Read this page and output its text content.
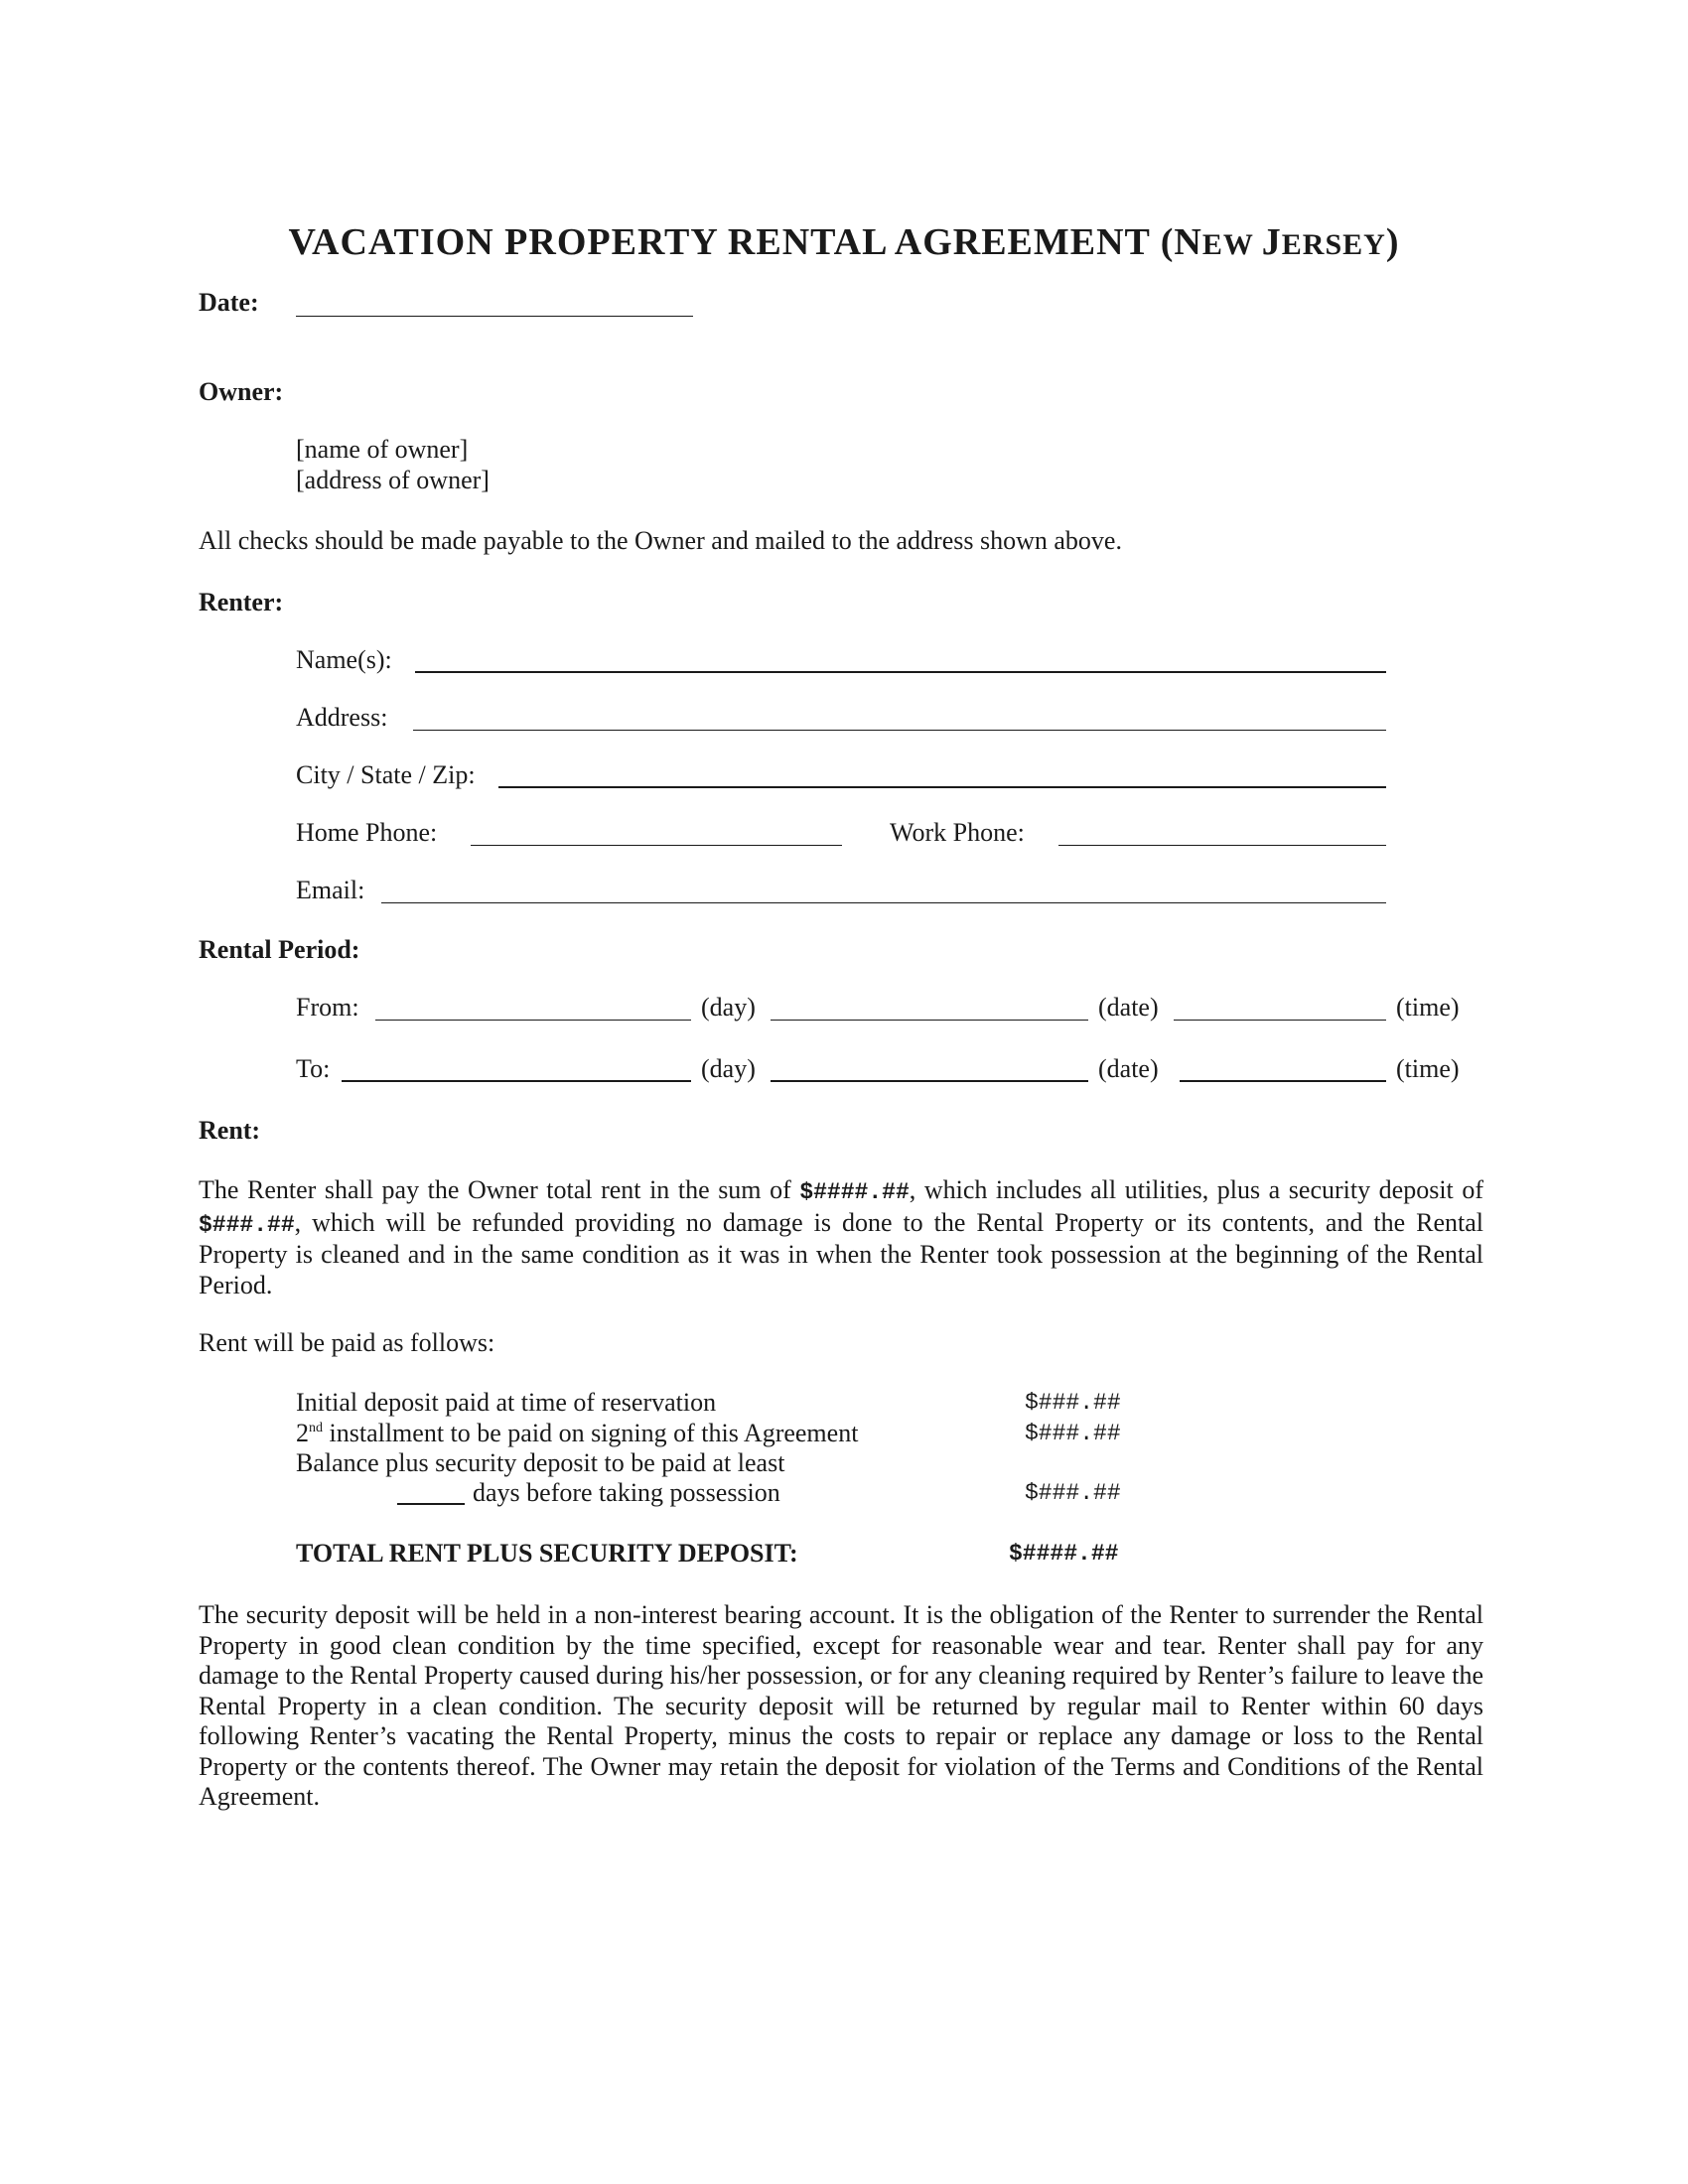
VACATION PROPERTY RENTAL AGREEMENT (NEW JERSEY)
Date:
Owner:
[name of owner]
[address of owner]
All checks should be made payable to the Owner and mailed to the address shown above.
Renter:
Name(s):
Address:
City / State / Zip:
Home Phone:	Work Phone:
Email:
Rental Period:
From:	(day)	(date)	(time)
To:	(day)	(date)	(time)
Rent:
The Renter shall pay the Owner total rent in the sum of $####.##, which includes all utilities, plus a security deposit of $###.##, which will be refunded providing no damage is done to the Rental Property or its contents, and the Rental Property is cleaned and in the same condition as it was in when the Renter took possession at the beginning of the Rental Period.
Rent will be paid as follows:
Initial deposit paid at time of reservation	$###.##
2nd installment to be paid on signing of this Agreement	$###.##
Balance plus security deposit to be paid at least
days before taking possession	$###.##
TOTAL RENT PLUS SECURITY DEPOSIT:	$####.##
The security deposit will be held in a non-interest bearing account. It is the obligation of the Renter to surrender the Rental Property in good clean condition by the time specified, except for reasonable wear and tear. Renter shall pay for any damage to the Rental Property caused during his/her possession, or for any cleaning required by Renter’s failure to leave the Rental Property in a clean condition. The security deposit will be returned by regular mail to Renter within 60 days following Renter’s vacating the Rental Property, minus the costs to repair or replace any damage or loss to the Rental Property or the contents thereof. The Owner may retain the deposit for violation of the Terms and Conditions of the Rental Agreement.
